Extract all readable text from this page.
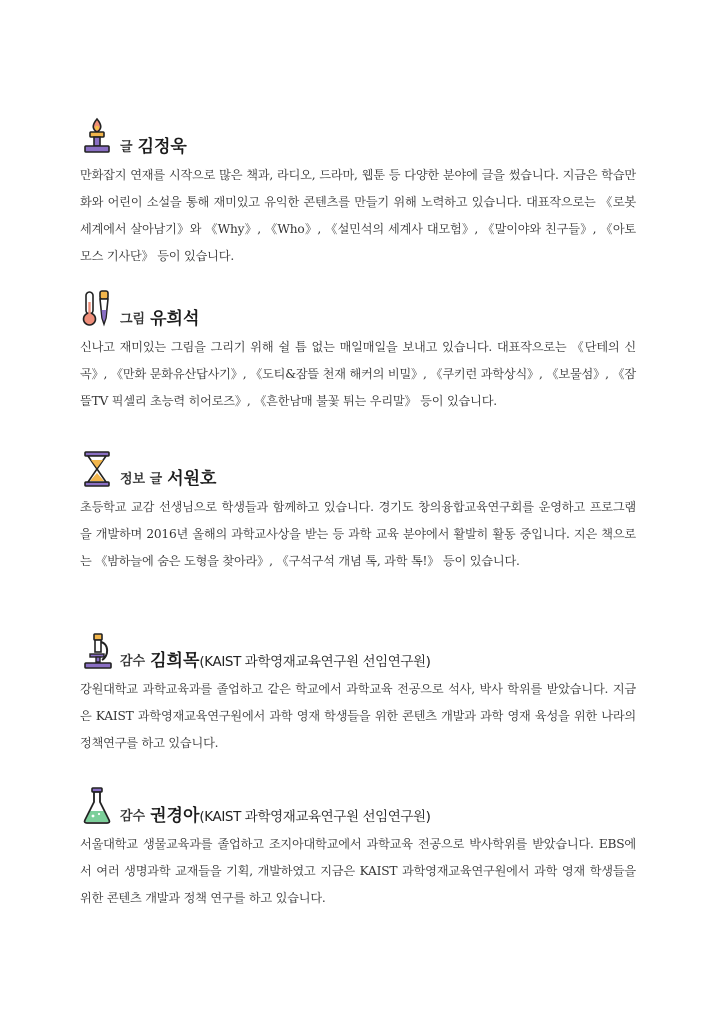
글 김정욱

만화잡지 연재를 시작으로 많은 책과, 라디오, 드라마, 웹툰 등 다양한 분야에 글을 썼습니다. 지금은 학습만화와 어린이 소설을 통해 재미있고 유익한 콘텐츠를 만들기 위해 노력하고 있습니다. 대표작으로는 《로봇세계에서 살아남기》와 《Why》, 《Who》, 《설민석의 세계사 대모험》, 《말이야와 친구들》, 《아토모스 기사단》 등이 있습니다.

그림 유희석

신나고 재미있는 그림을 그리기 위해 쉴 틈 없는 매일매일을 보내고 있습니다. 대표작으로는 《단테의 신곡》, 《만화 문화유산답사기》, 《도티&잠뜰 천재 해커의 비밀》, 《쿠키런 과학상식》, 《보물섬》, 《잠뜰TV 픽셀리 초능력 히어로즈》, 《흔한남매 불꽃 튀는 우리말》 등이 있습니다.

정보 글 서원호

초등학교 교감 선생님으로 학생들과 함께하고 있습니다. 경기도 창의융합교육연구회를 운영하고 프로그램을 개발하며 2016년 올해의 과학교사상을 받는 등 과학 교육 분야에서 활발히 활동 중입니다. 지은 책으로는 《밤하늘에 숨은 도형을 찾아라》, 《구석구석 개념 톡, 과학 톡!》 등이 있습니다.

감수 김희목 (KAIST 과학영재교육연구원 선임연구원)

강원대학교 과학교육과를 졸업하고 같은 학교에서 과학교육 전공으로 석사, 박사 학위를 받았습니다. 지금은 KAIST 과학영재교육연구원에서 과학 영재 학생들을 위한 콘텐츠 개발과 과학 영재 육성을 위한 나라의 정책연구를 하고 있습니다.

감수 권경아 (KAIST 과학영재교육연구원 선임연구원)

서울대학교 생물교육과를 졸업하고 조지아대학교에서 과학교육 전공으로 박사학위를 받았습니다. EBS에서 여러 생명과학 교재들을 기획, 개발하였고 지금은 KAIST 과학영재교육연구원에서 과학 영재 학생들을 위한 콘텐츠 개발과 정책 연구를 하고 있습니다.
